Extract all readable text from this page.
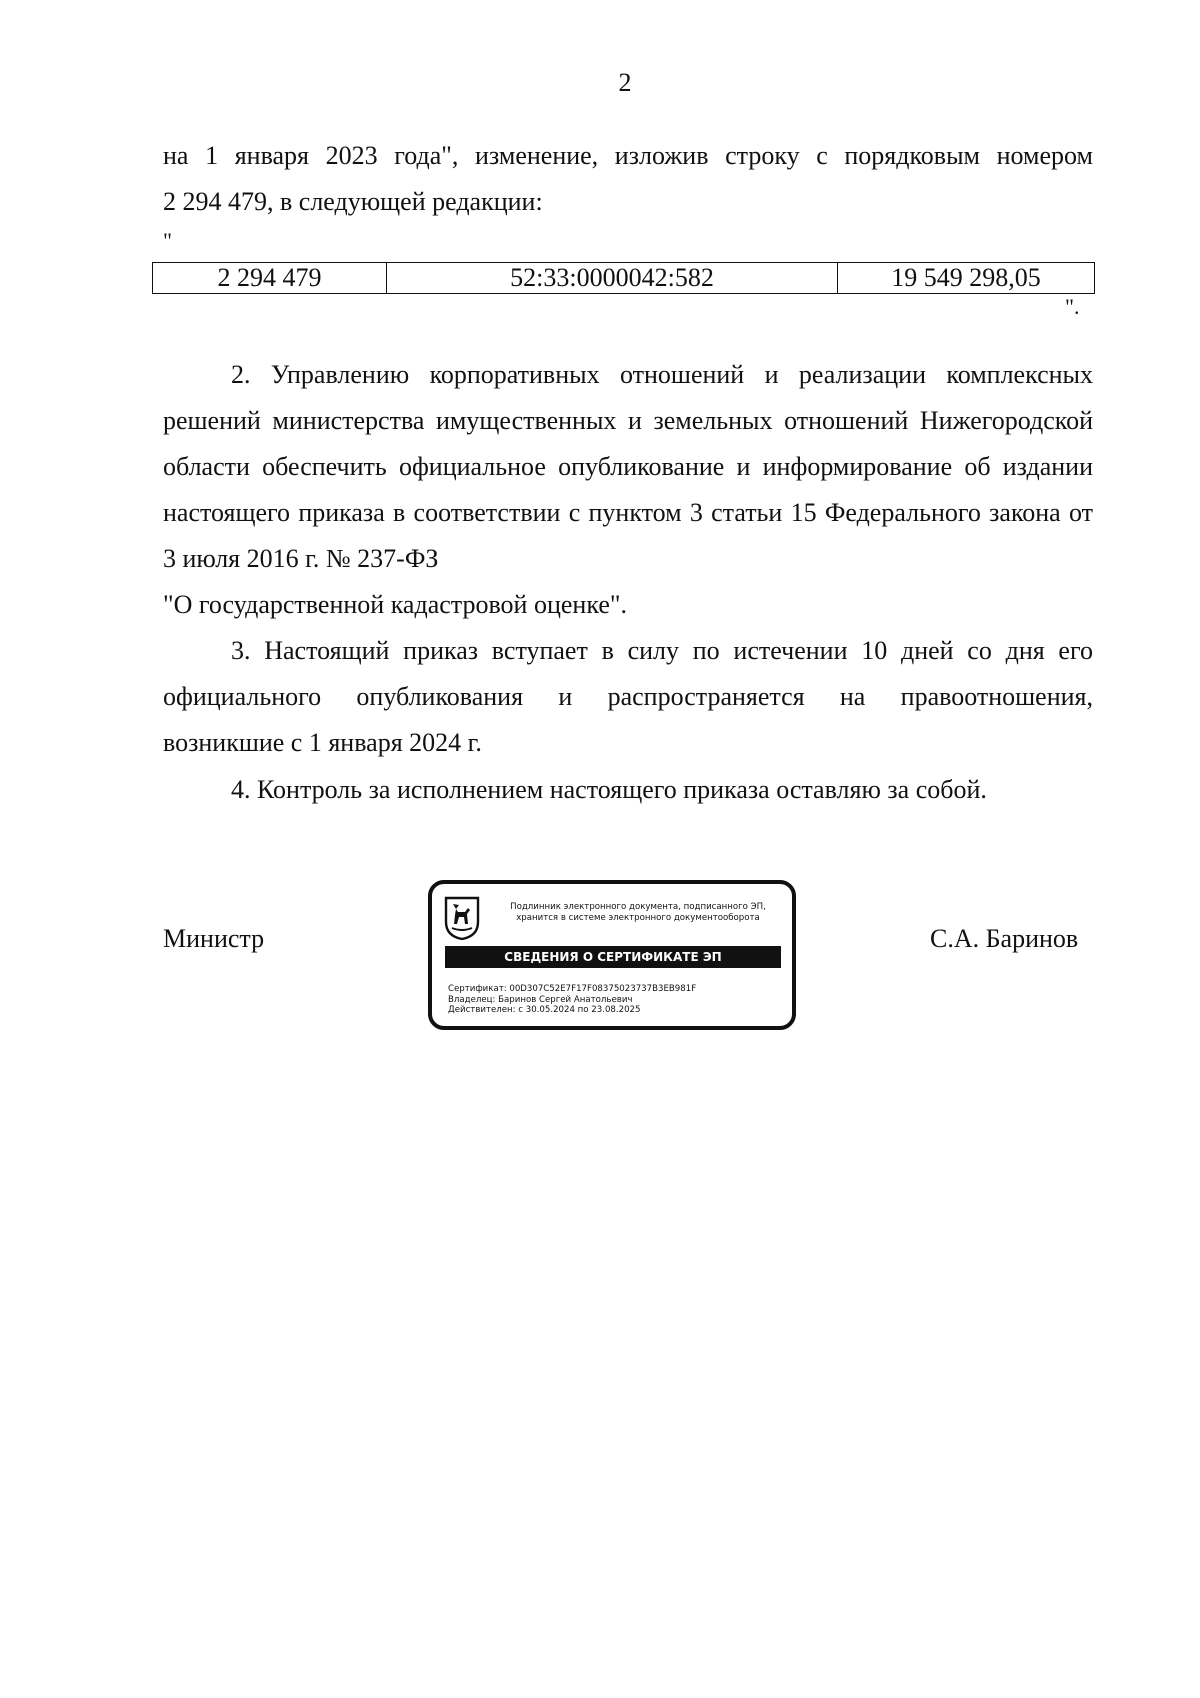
2
на 1 января 2023 года", изменение, изложив строку с порядковым номером
2 294 479, в следующей редакции:
"
2 294 479	52:33:0000042:582	19 549 298,05
".
2. Управлению корпоративных отношений и реализации комплексных решений министерства имущественных и земельных отношений Нижегородской области обеспечить официальное опубликование и информирование об издании настоящего приказа в соответствии с пунктом 3 статьи 15 Федерального закона от 3 июля 2016 г. № 237-ФЗ
"О государственной кадастровой оценке".
3. Настоящий приказ вступает в силу по истечении 10 дней со дня его официального опубликования и распространяется на правоотношения,
возникшие с 1 января 2024 г.
4. Контроль за исполнением настоящего приказа оставляю за собой.
Министр
Подлинник электронного документа, подписанного ЭП, хранится в системе электронного документооборота
СВЕДЕНИЯ О СЕРТИФИКАТЕ ЭП
Сертификат: 00D307C52E7F17F08375023737B3EB981F
Владелец: Баринов Сергей Анатольевич
Действителен: с 30.05.2024 по 23.08.2025
С.А. Баринов
